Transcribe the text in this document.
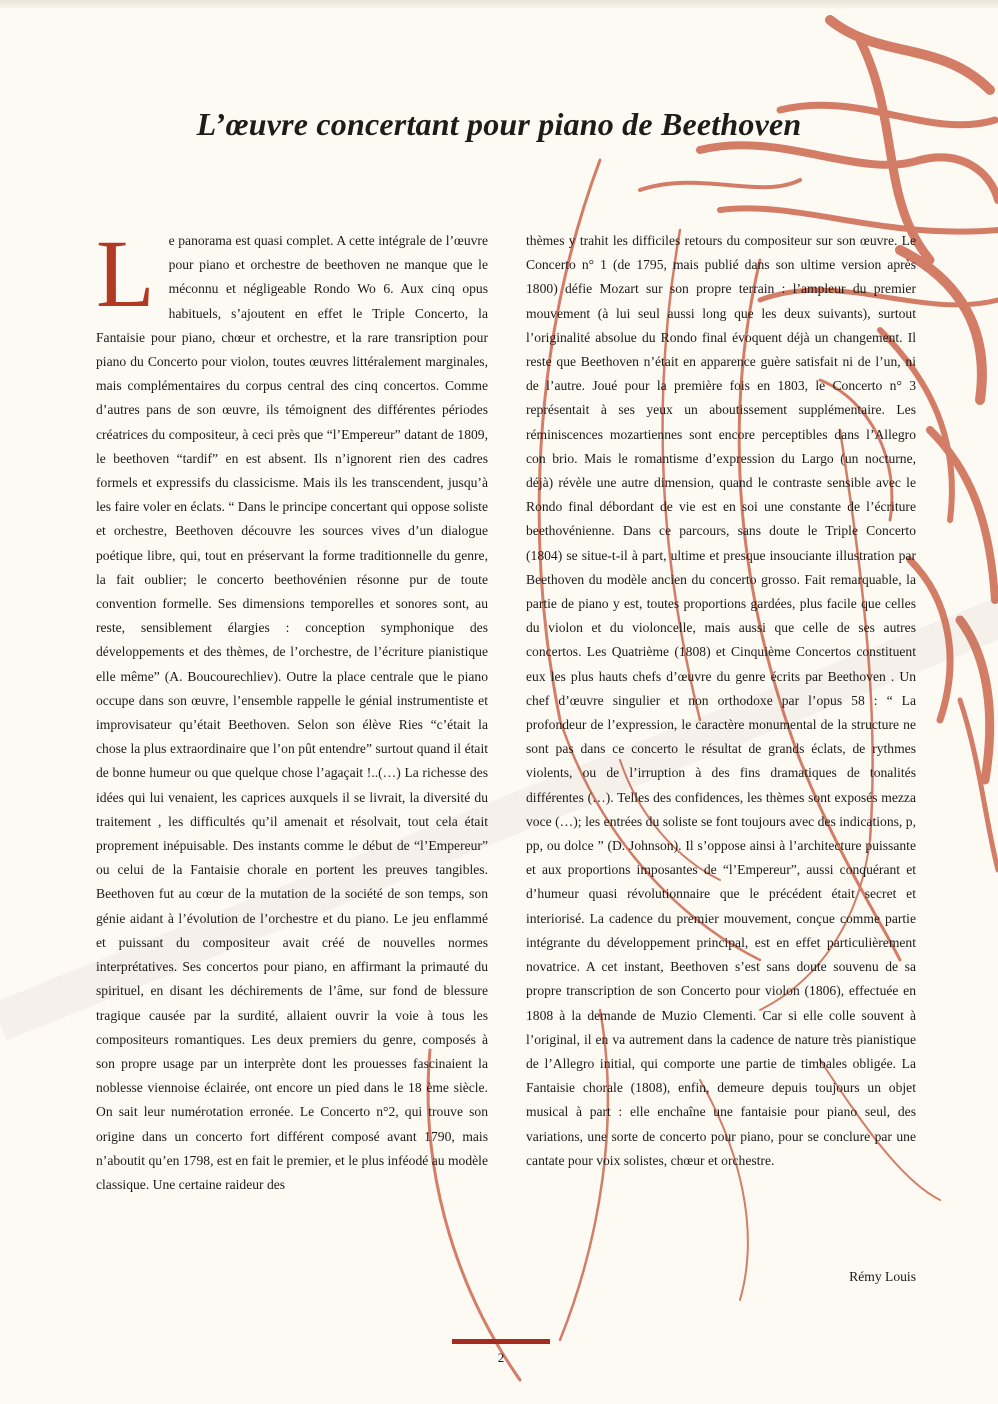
L’œuvre concertant pour piano de Beethoven
L	e panorama est quasi complet. A cette intégrale de l’œuvre pour piano et orchestre de beethoven ne manque que le méconnu et négligeable Rondo Wo 6. Aux cinq opus habituels, s’ajoutent en effet le Triple Concerto, la Fantaisie pour piano, chœur et orchestre, et la rare transription pour piano du Concerto pour violon, toutes œuvres littéralement marginales, mais complémentaires du corpus central des cinq concertos. Comme d’autres pans de son œuvre, ils témoignent des différentes périodes créatrices du compositeur, à ceci près que “l’Empereur” datant de 1809, le beethoven “tardif” en est absent. Ils n’ignorent rien des cadres formels et expressifs du classicisme. Mais ils les transcendent, jusqu’à les faire voler en éclats. “ Dans le principe concertant qui oppose soliste et orchestre, Beethoven découvre les sources vives d’un dialogue poétique libre, qui, tout en préservant la forme traditionnelle du genre, la fait oublier; le concerto beethovénien résonne pur de toute convention formelle. Ses dimensions temporelles et sonores sont, au reste, sensiblement élargies : conception symphonique des développements et des thèmes, de l’orchestre, de l’écriture pianistique elle même” (A. Boucourechliev). Outre la place centrale que le piano occupe dans son œuvre, l’ensemble rappelle le génial instrumentiste et improvisateur qu’était Beethoven. Selon son élève Ries “c’était la chose la plus extraordinaire que l’on pût entendre” surtout quand il était de bonne humeur ou que quelque chose l’agaçait !..(…) La richesse des idées qui lui venaient, les caprices auxquels il se livrait, la diversité du traitement , les difficultés qu’il amenait et résolvait, tout cela était proprement inépuisable. Des instants comme le début de “l’Empereur” ou celui de la Fantaisie chorale en portent les preuves tangibles. Beethoven fut au cœur de la mutation de la société de son temps, son génie aidant à l’évolution de l’orchestre et du piano. Le jeu enflammé et puissant du compositeur avait créé de nouvelles normes interprétatives. Ses concertos pour piano, en affirmant la primauté du spirituel, en disant les déchirements de l’âme, sur fond de blessure tragique causée par la surdité, allaient ouvrir la voie à tous les compositeurs romantiques. Les deux premiers du genre, composés à son propre usage par un interprète dont les prouesses fascinaient la noblesse viennoise éclairée, ont encore un pied dans le 18 ème siècle. On sait leur numérotation erronée. Le Concerto n°2, qui trouve son origine dans un concerto fort différent composé avant 1790, mais n’aboutit qu’en 1798, est en fait le premier, et le plus inféodé au modèle classique. Une certaine raideur des

thèmes y trahit les difficiles retours du compositeur sur son œuvre. Le Concerto n° 1 (de 1795, mais publié dans son ultime version après 1800) défie Mozart sur son propre terrain : l’ampleur du premier mouvement (à lui seul aussi long que les deux suivants), surtout l’originalité absolue du Rondo final évoquent déjà un changement. Il reste que Beethoven n’était en apparence guère satisfait ni de l’un, ni de l’autre. Joué pour la première fois en 1803, le Concerto n° 3 représentait à ses yeux un aboutissement supplémentaire. Les réminiscences mozartiennes sont encore perceptibles dans l’Allegro con brio. Mais le romantisme d’expression du Largo (un nocturne, déjà) révèle une autre dimension, quand le contraste sensible avec le Rondo final débordant de vie est en soi une constante de l’écriture beethovénienne. Dans ce parcours, sans doute le Triple Concerto (1804) se situe-t-il à part, ultime et presque insouciante illustration par Beethoven du modèle ancien du concerto grosso. Fait remarquable, la partie de piano y est, toutes proportions gardées, plus facile que celles du violon et du violoncelle, mais aussi que celle de ses autres concertos. Les Quatrième (1808) et Cinquième Concertos constituent eux les plus hauts chefs d’œuvre du genre écrits par Beethoven . Un chef d’œuvre singulier et non orthodoxe par l’opus 58 : “ La profondeur de l’expression, le caractère monumental de la structure ne sont pas dans ce concerto le résultat de grands éclats, de rythmes violents, ou de l’irruption à des fins dramatiques de tonalités différentes (…). Telles des confidences, les thèmes sont exposés mezza voce (…); les entrées du soliste se font toujours avec des indications, p, pp, ou dolce ” (D. Johnson). Il s’oppose ainsi à l’architecture puissante et aux proportions imposantes de “l’Empereur”, aussi conquérant et d’humeur quasi révolutionnaire que le précédent était secret et interiorisé. La cadence du premier mouvement, conçue comme partie intégrante du développement principal, est en effet particulièrement novatrice. A cet instant, Beethoven s’est sans doute souvenu de sa propre transcription de son Concerto pour violon (1806), effectuée en 1808 à la demande de Muzio Clementi. Car si elle colle souvent à l’original, il en va autrement dans la cadence de nature très pianistique de l’Allegro initial, qui comporte une partie de timbales obligée. La Fantaisie chorale (1808), enfin, demeure depuis toujours un objet musical à part : elle enchaîne une fantaisie pour piano seul, des variations, une sorte de concerto pour piano, pour se conclure par une cantate pour voix solistes, chœur et orchestre.

Rémy Louis
2
